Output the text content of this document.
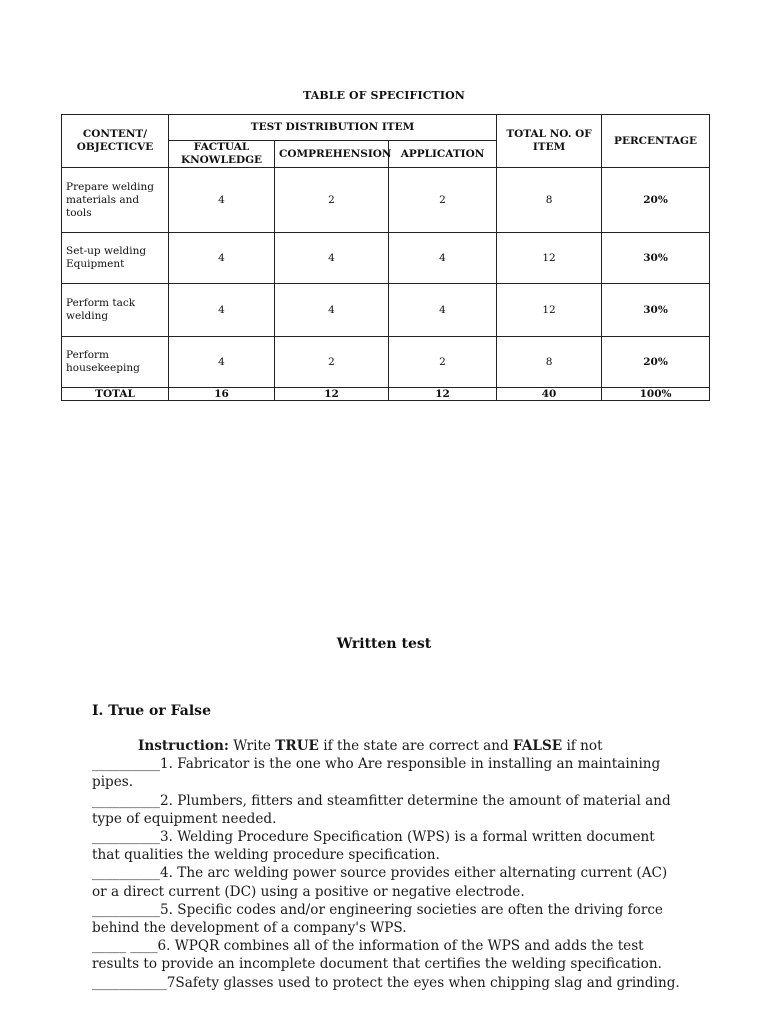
TABLE OF SPECIFICTION
CONTENT/ OBJECTICVE	TEST DISTRIBUTION ITEM			TOTAL NO. OF ITEM	PERCENTAGE
	FACTUAL KNOWLEDGE	COMPREHENSION	APPLICATION		
Prepare welding materials and tools	4	2	2	8	20%
Set-up welding Equipment	4	4	4	12	30%
Perform tack welding	4	4	4	12	30%
Perform housekeeping	4	2	2	8	20%
TOTAL	16	12	12	40	100%
Written test
I. True or False
Instruction: Write TRUE if the state are correct and FALSE if not

__________1. Fabricator is the one who Are responsible in installing an maintaining pipes.

__________2. Plumbers, fitters and steamfitter determine the amount of material and type of equipment needed.

__________3. Welding Procedure Specification (WPS) is a formal written document that qualities the welding procedure specification.

__________4. The arc welding power source provides either alternating current (AC) or a direct current (DC) using a positive or negative electrode.

__________5. Specific codes and/or engineering societies are often the driving force behind the development of a company's WPS.

_____ ____6. WPQR combines all of the information of the WPS and adds the test results to provide an incomplete document that certifies the welding specification.

___________7Safety glasses used to protect the eyes when chipping slag and grinding.
